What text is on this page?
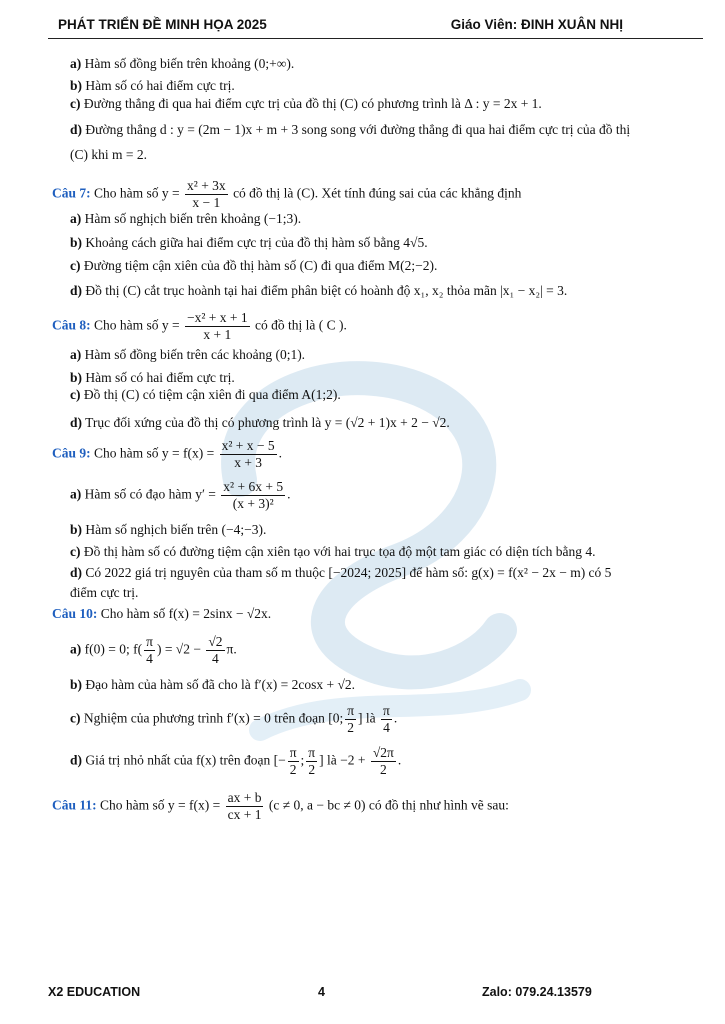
PHÁT TRIỂN ĐỀ MINH HỌA 2025	Giáo Viên: ĐINH XUÂN NHỊ
a) Hàm số đồng biến trên khoảng (0;+∞).
b) Hàm số có hai điểm cực trị.
c) Đường thẳng đi qua hai điểm cực trị của đồ thị (C) có phương trình là Δ : y = 2x + 1.
d) Đường thẳng d : y = (2m − 1)x + m + 3 song song với đường thẳng đi qua hai điểm cực trị của đồ thị
(C) khi m = 2.
Câu 7: Cho hàm số $y = \frac{\text{x² + 3x}}{x - 1}$ có đồ thị là (C). Xét tính đúng sai của các khẳng định
a) Hàm số nghịch biến trên khoảng (−1;3).
b) Khoảng cách giữa hai điểm cực trị của đồ thị hàm số bằng 4√5.
c) Đường tiệm cận xiên của đồ thị hàm số (C) đi qua điểm M(2;−2).
d) Đồ thị (C) cắt trục hoành tại hai điểm phân biệt có hoành độ x₁, x₂ thỏa mãn |x₁ − x₂| = 3.
Câu 8: Cho hàm số $y = \frac{\text{−x² + x + 1}}{x + 1}$ có đồ thị là ( C ).
a) Hàm số đồng biến trên các khoảng (0;1).
b) Hàm số có hai điểm cực trị.
c) Đồ thị (C) có tiệm cận xiên đi qua điểm A(1;2).
d) Trục đối xứng của đồ thị có phương trình là y = (√2 + 1)x + 2 − √2.
Câu 9: Cho hàm số $y = f(x) = \frac{\text{x² + x − 5}}{x + 3}$ .
a) Hàm số có đạo hàm $y' = \frac{\text{x² + 6x + 5}}{\text{(x + 3)²}}$ .
b) Hàm số nghịch biến trên (−4;−3).
c) Đồ thị hàm số có đường tiệm cận xiên tạo với hai trục tọa độ một tam giác có diện tích bằng 4.
d) Có 2022 giá trị nguyên của tham số m thuộc [−2024; 2025] để hàm số: g(x) = f(x² − 2x − m) có 5
điểm cực trị.
Câu 10: Cho hàm số f(x) = 2sinx − √2x.
a) f(0) = 0; $f( \frac{\pi}{4}$ ) = $√2 - \frac{√2}{4} \pi$.
b) Đạo hàm của hàm số đã cho là f′(x) = 2cosx + √2.
c) Nghiệm của phương trình f′(x) = 0 trên đoạn [0; $\frac{\pi}{2}$ ] là $\frac{\pi}{4}$ .
d) Giá trị nhỏ nhất của f(x) trên đoạn [− $\frac{\pi}{2}$ ; $\frac{\pi}{2}$ ] là $-2 + \frac{√2\pi}{2}$ .
Câu 11: Cho hàm số $y = f(x) = \frac{ax + b}{cx + 1} (c \ne 0$, a − bc ≠ 0) có đồ thị như hình vẽ sau:
X2 EDUCATION	4	Zalo: 079.24.13579
